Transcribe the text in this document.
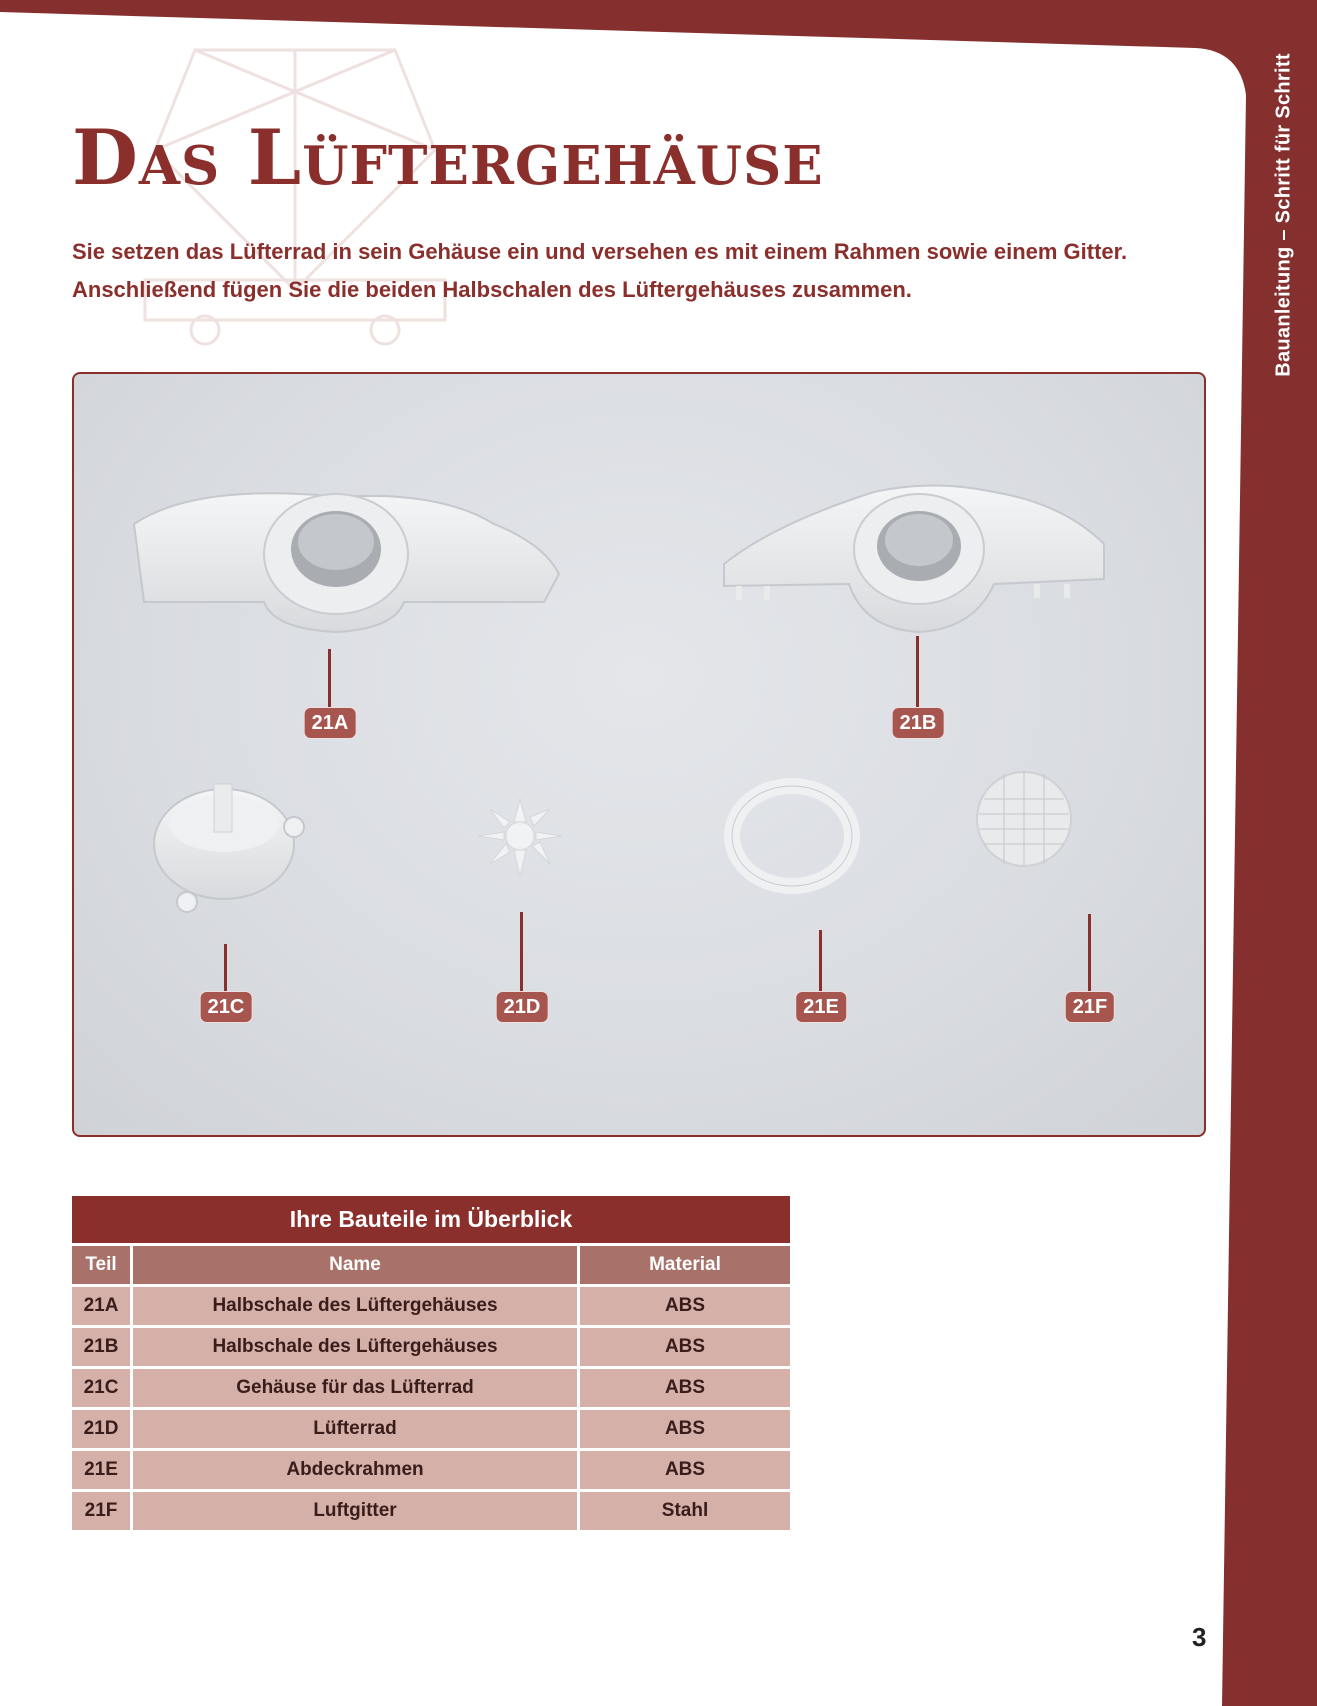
Bauanleitung – Schritt für Schritt
Das Lüftergehäuse
Sie setzen das Lüfterrad in sein Gehäuse ein und versehen es mit einem Rahmen sowie einem Gitter.
Anschließend fügen Sie die beiden Halbschalen des Lüftergehäuses zusammen.
21A	21B
21C	21D	21E	21F
Ihre Bauteile im Überblick
Teil	Name	Material
21A	Halbschale des Lüftergehäuses	ABS
21B	Halbschale des Lüftergehäuses	ABS
21C	Gehäuse für das Lüfterrad	ABS
21D	Lüfterrad	ABS
21E	Abdeckrahmen	ABS
21F	Luftgitter	Stahl
3
